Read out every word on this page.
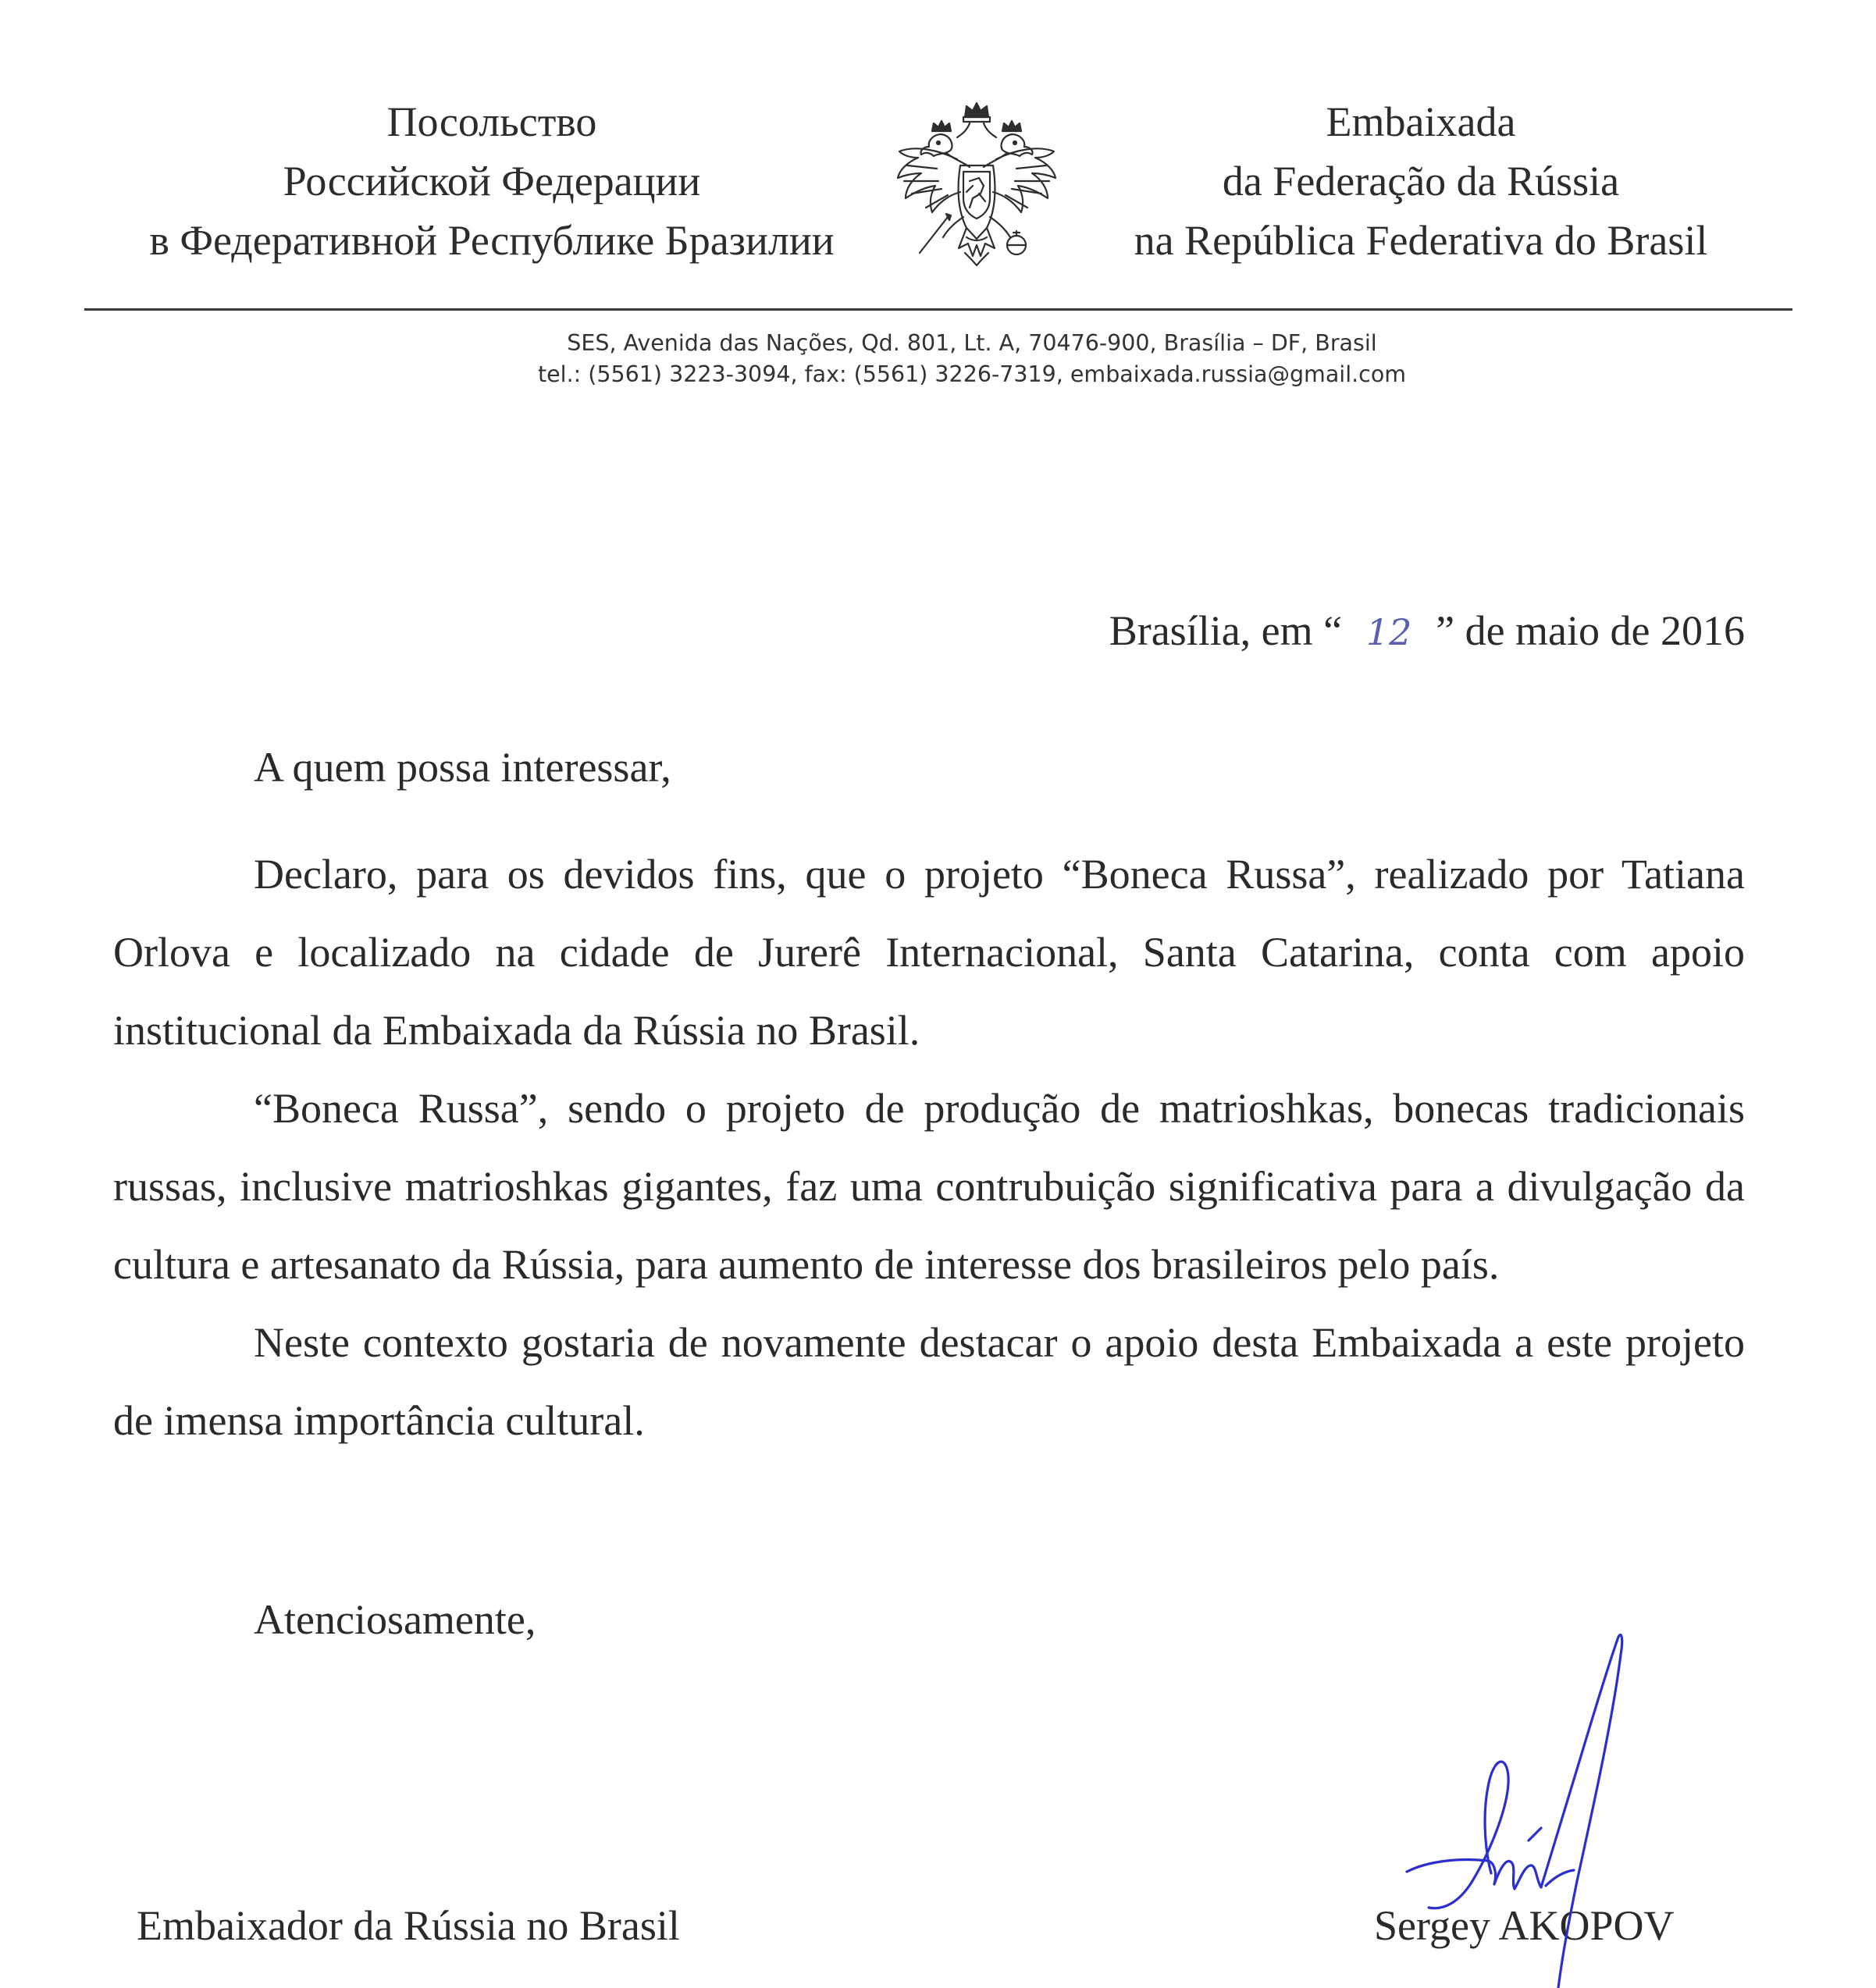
Посольство
Российской Федерации
в Федеративной Республике Бразилии
Embaixada
da Federação da Rússia
na República Federativa do Brasil
SES, Avenida das Nações, Qd. 801, Lt. A, 70476-900, Brasília – DF, Brasil
tel.: (5561) 3223-3094, fax: (5561) 3226-7319, embaixada.russia@gmail.com
Brasília, em “ 12 ” de maio de 2016
A quem possa interessar,

Declaro, para os devidos fins, que o projeto “Boneca Russa”, realizado por Tatiana Orlova e localizado na cidade de Jurerê Internacional, Santa Catarina, conta com apoio institucional da Embaixada da Rússia no Brasil.

“Boneca Russa”, sendo o projeto de produção de matrioshkas, bonecas tradicionais russas, inclusive matrioshkas gigantes, faz uma contrubuição significativa para a divulgação da cultura e artesanato da Rússia, para aumento de interesse dos brasileiros pelo país.

Neste contexto gostaria de novamente destacar o apoio desta Embaixada a este projeto de imensa importância cultural.

Atenciosamente,
Embaixador da Rússia no Brasil	Sergey AKOPOV
